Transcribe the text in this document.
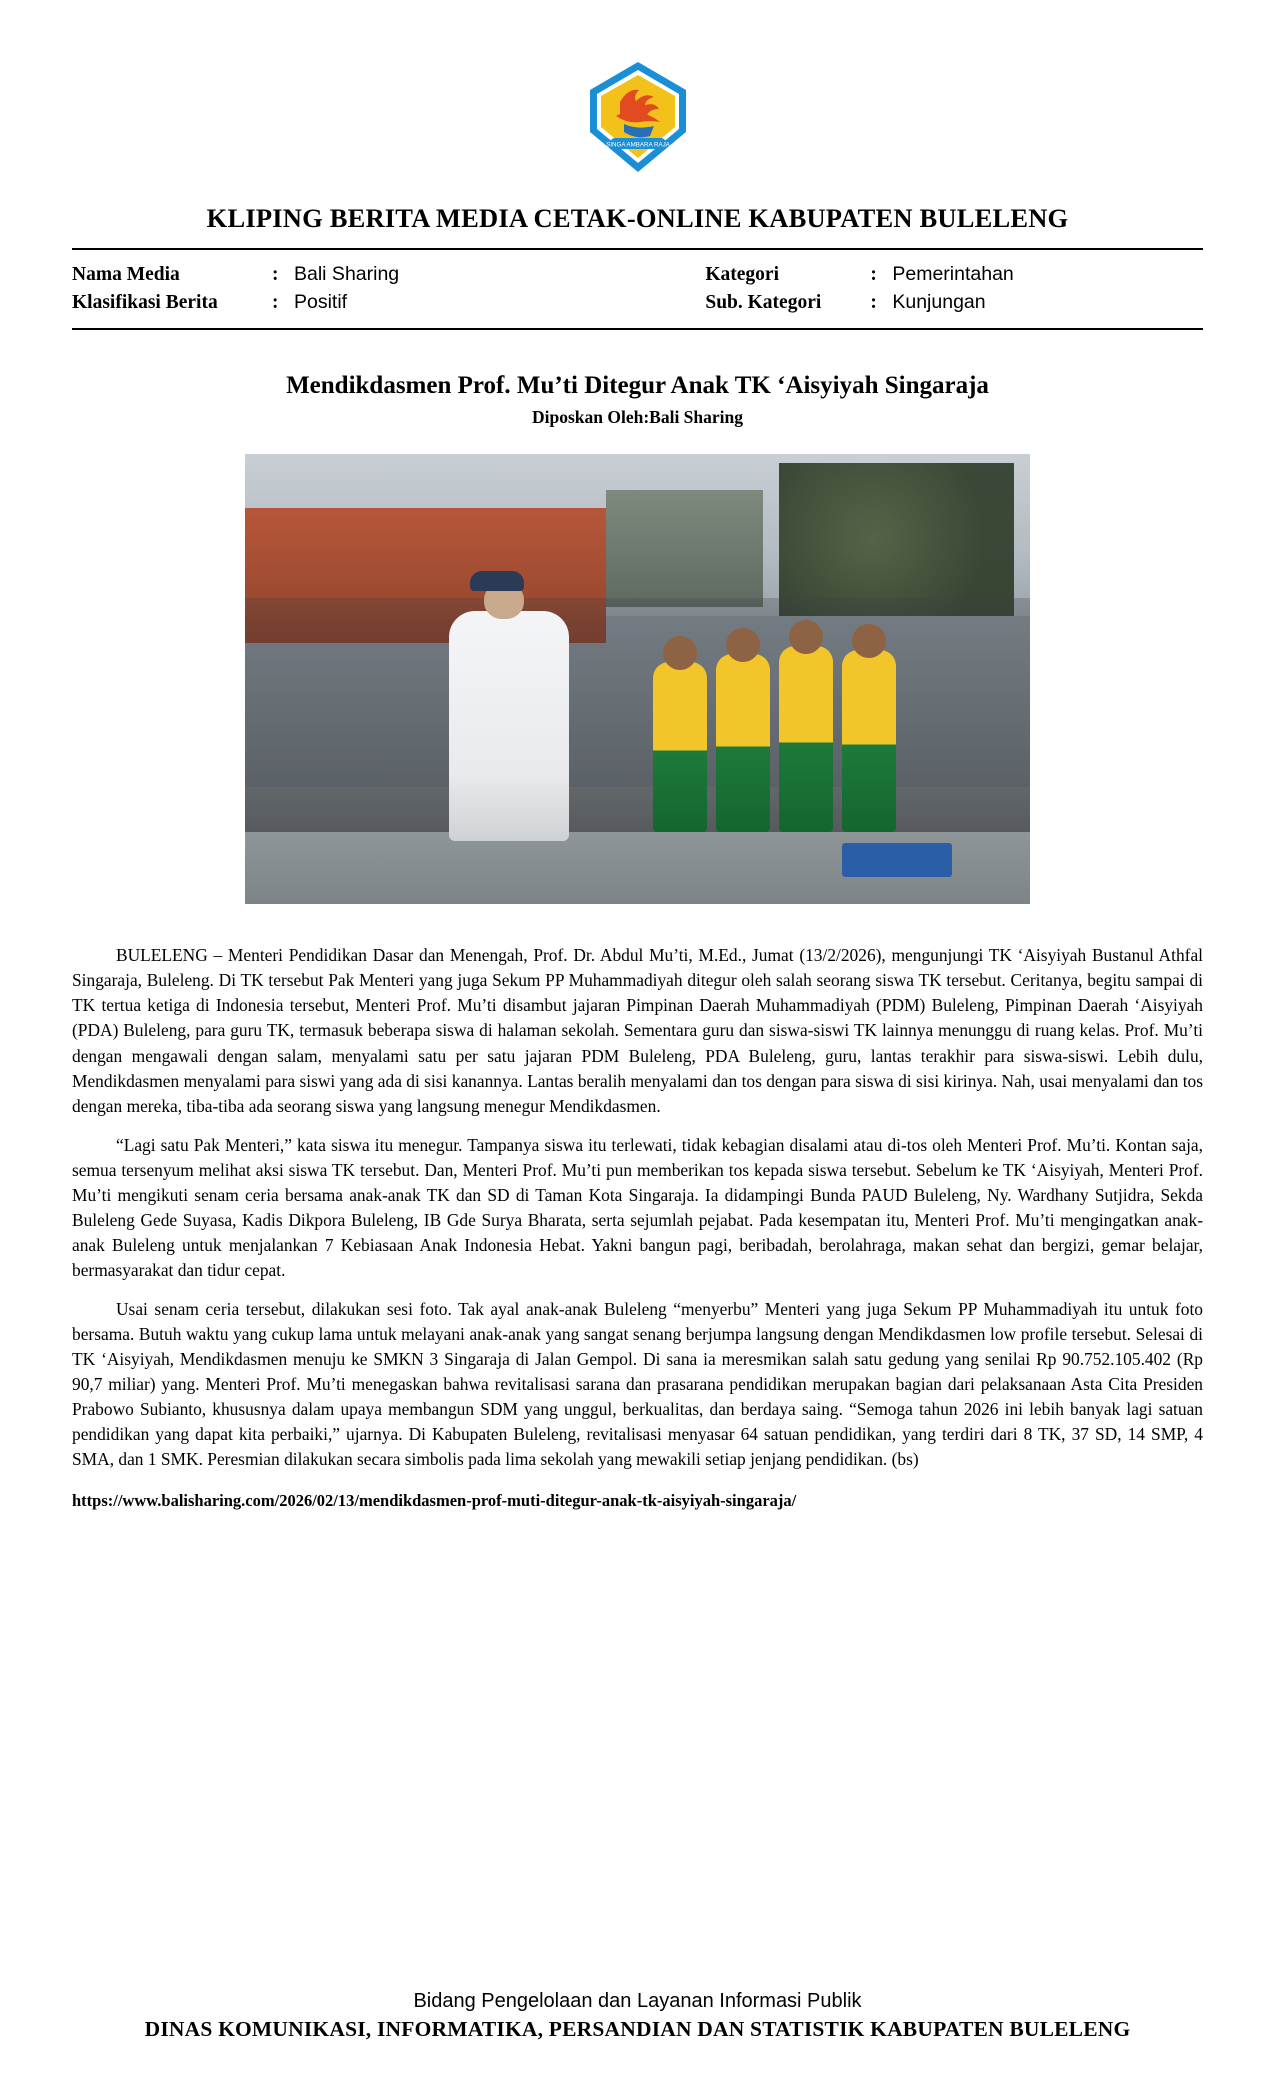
SINGA AMBARA RAJA
KLIPING BERITA MEDIA CETAK-ONLINE KABUPATEN BULELENG
Nama Media	: Bali Sharing	Kategori	: Pemerintahan
Klasifikasi Berita	: Positif	Sub. Kategori	: Kunjungan
Mendikdasmen Prof. Mu’ti Ditegur Anak TK ‘Aisyiyah Singaraja
Diposkan Oleh:Bali Sharing

BULELENG – Menteri Pendidikan Dasar dan Menengah, Prof. Dr. Abdul Mu’ti, M.Ed., Jumat (13/2/2026), mengunjungi TK ‘Aisyiyah Bustanul Athfal Singaraja, Buleleng. Di TK tersebut Pak Menteri yang juga Sekum PP Muhammadiyah ditegur oleh salah seorang siswa TK tersebut. Ceritanya, begitu sampai di TK tertua ketiga di Indonesia tersebut, Menteri Prof. Mu’ti disambut jajaran Pimpinan Daerah Muhammadiyah (PDM) Buleleng, Pimpinan Daerah ‘Aisyiyah (PDA) Buleleng, para guru TK, termasuk beberapa siswa di halaman sekolah. Sementara guru dan siswa-siswi TK lainnya menunggu di ruang kelas. Prof. Mu’ti dengan mengawali dengan salam, menyalami satu per satu jajaran PDM Buleleng, PDA Buleleng, guru, lantas terakhir para siswa-siswi. Lebih dulu, Mendikdasmen menyalami para siswi yang ada di sisi kanannya. Lantas beralih menyalami dan tos dengan para siswa di sisi kirinya. Nah, usai menyalami dan tos dengan mereka, tiba-tiba ada seorang siswa yang langsung menegur Mendikdasmen.

“Lagi satu Pak Menteri,” kata siswa itu menegur. Tampanya siswa itu terlewati, tidak kebagian disalami atau di-tos oleh Menteri Prof. Mu’ti. Kontan saja, semua tersenyum melihat aksi siswa TK tersebut. Dan, Menteri Prof. Mu’ti pun memberikan tos kepada siswa tersebut. Sebelum ke TK ‘Aisyiyah, Menteri Prof. Mu’ti mengikuti senam ceria bersama anak-anak TK dan SD di Taman Kota Singaraja. Ia didampingi Bunda PAUD Buleleng, Ny. Wardhany Sutjidra, Sekda Buleleng Gede Suyasa, Kadis Dikpora Buleleng, IB Gde Surya Bharata, serta sejumlah pejabat. Pada kesempatan itu, Menteri Prof. Mu’ti mengingatkan anak-anak Buleleng untuk menjalankan 7 Kebiasaan Anak Indonesia Hebat. Yakni bangun pagi, beribadah, berolahraga, makan sehat dan bergizi, gemar belajar, bermasyarakat dan tidur cepat.

Usai senam ceria tersebut, dilakukan sesi foto. Tak ayal anak-anak Buleleng “menyerbu” Menteri yang juga Sekum PP Muhammadiyah itu untuk foto bersama. Butuh waktu yang cukup lama untuk melayani anak-anak yang sangat senang berjumpa langsung dengan Mendikdasmen low profile tersebut. Selesai di TK ‘Aisyiyah, Mendikdasmen menuju ke SMKN 3 Singaraja di Jalan Gempol. Di sana ia meresmikan salah satu gedung yang senilai Rp 90.752.105.402 (Rp 90,7 miliar) yang. Menteri Prof. Mu’ti menegaskan bahwa revitalisasi sarana dan prasarana pendidikan merupakan bagian dari pelaksanaan Asta Cita Presiden Prabowo Subianto, khususnya dalam upaya membangun SDM yang unggul, berkualitas, dan berdaya saing. “Semoga tahun 2026 ini lebih banyak lagi satuan pendidikan yang dapat kita perbaiki,” ujarnya. Di Kabupaten Buleleng, revitalisasi menyasar 64 satuan pendidikan, yang terdiri dari 8 TK, 37 SD, 14 SMP, 4 SMA, dan 1 SMK. Peresmian dilakukan secara simbolis pada lima sekolah yang mewakili setiap jenjang pendidikan. (bs)

https://www.balisharing.com/2026/02/13/mendikdasmen-prof-muti-ditegur-anak-tk-aisyiyah-singaraja/
Bidang Pengelolaan dan Layanan Informasi Publik
DINAS KOMUNIKASI, INFORMATIKA, PERSANDIAN DAN STATISTIK KABUPATEN BULELENG
